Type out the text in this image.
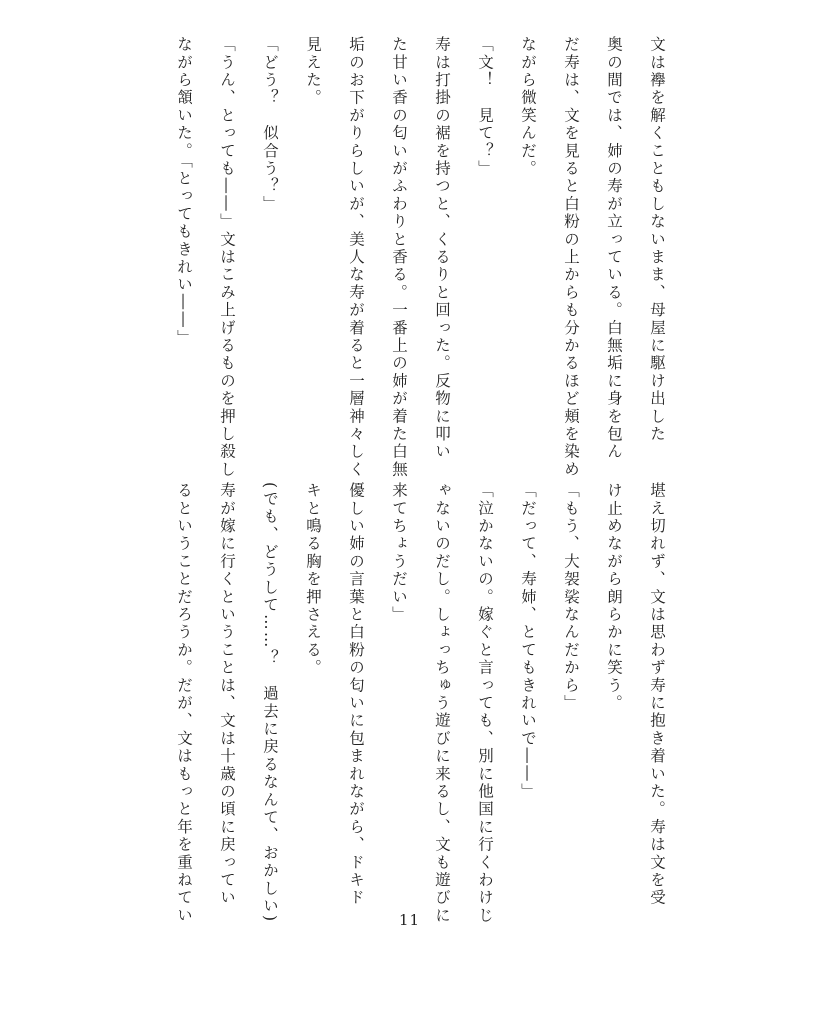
文は襷を解くこともしないまま、母屋に駆け出した
奥の間では、姉の寿が立っている。白無垢に身を包ん
だ寿は、文を見ると白粉の上からも分かるほど頬を染め
ながら微笑んだ。
「文！　見て？」
寿は打掛の裾を持つと、くるりと回った。反物に叩い
た甘い香の匂いがふわりと香る。一番上の姉が着た白無
垢のお下がりらしいが、美人な寿が着ると一層神々しく
見えた。
「どう？　似合う？」
「うん、とっても――」文はこみ上げるものを押し殺し
ながら頷いた。「とってもきれい――」
堪え切れず、文は思わず寿に抱き着いた。寿は文を受
け止めながら朗らかに笑う。
「もう、大袈裟なんだから」
「だって、寿姉、とてもきれいで――」
「泣かないの。嫁ぐと言っても、別に他国に行くわけじ
ゃないのだし。しょっちゅう遊びに来るし、文も遊びに
来てちょうだい」
優しい姉の言葉と白粉の匂いに包まれながら、ドキド
キと鳴る胸を押さえる。
(でも、どうして……？　過去に戻るなんて、おかしい)
寿が嫁に行くということは、文は十歳の頃に戻ってい
るということだろうか。だが、文はもっと年を重ねてい	11
